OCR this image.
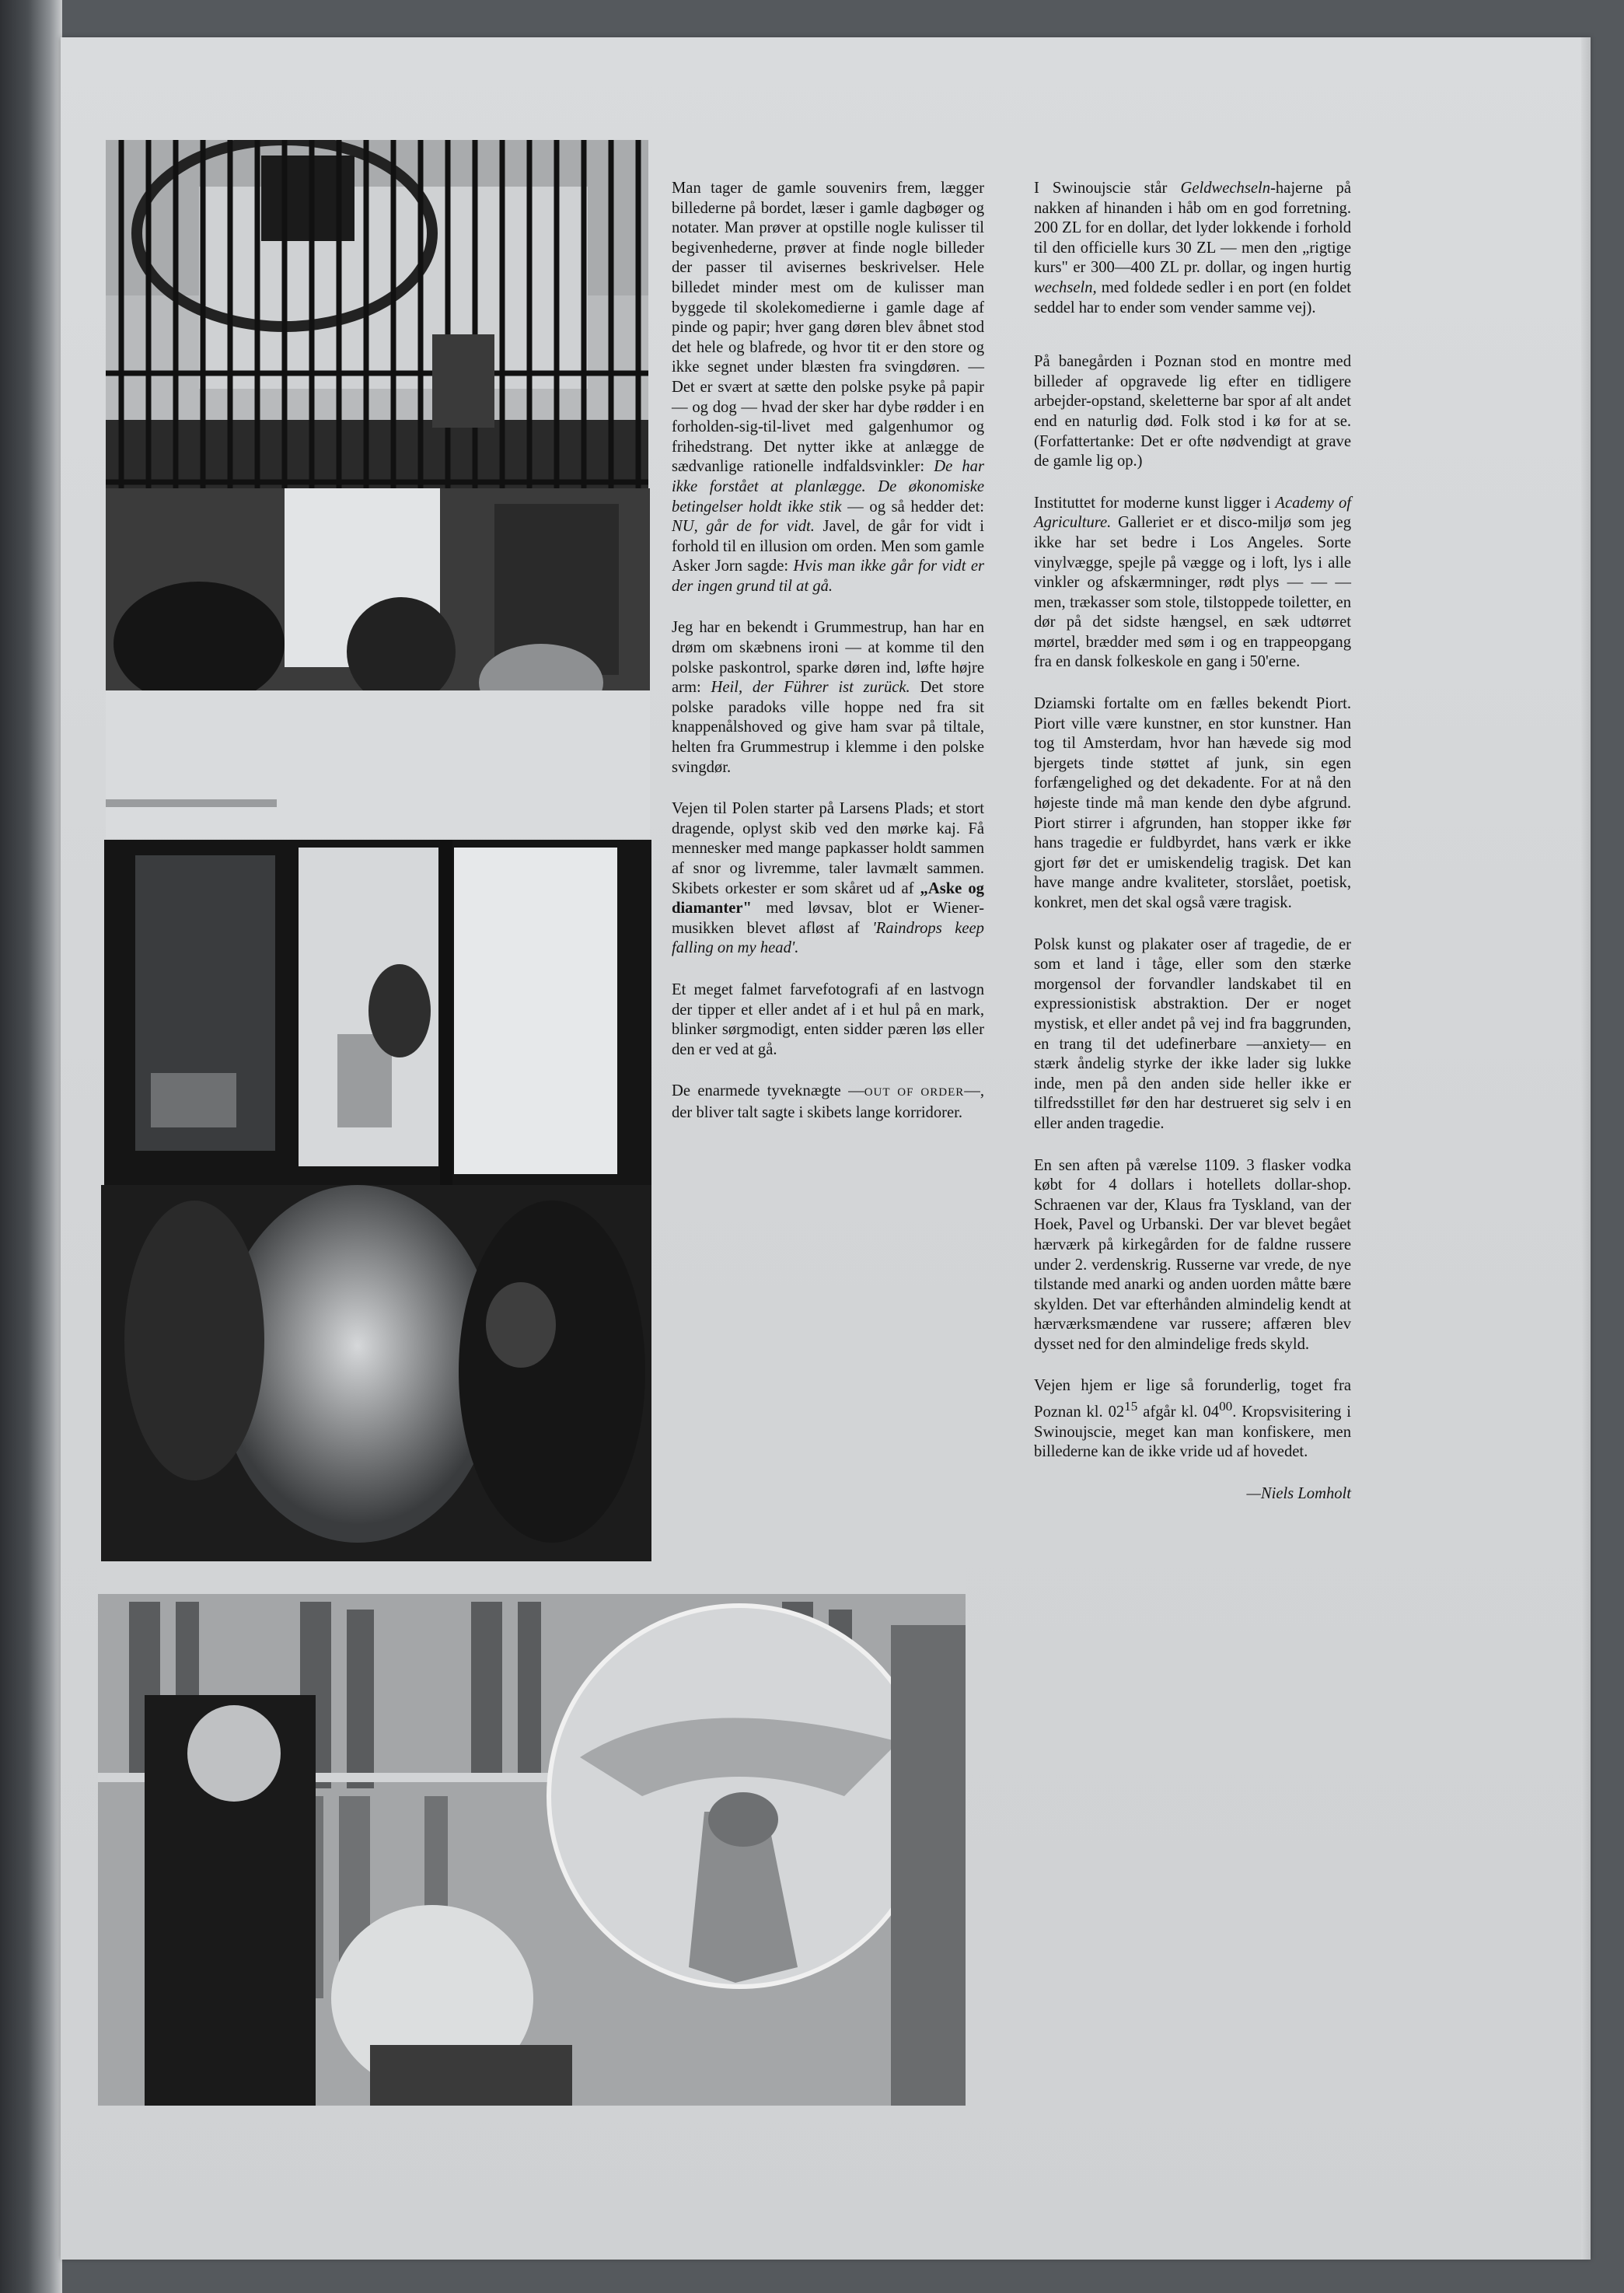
Man tager de gamle souvenirs frem, lægger billederne på bordet, læser i gamle dagbøger og notater. Man prøver at opstille nogle kulisser til begivenhederne, prøver at finde nogle billeder der passer til avisernes beskrivelser. Hele billedet minder mest om de kulisser man byggede til skolekomedierne i gamle dage af pinde og papir; hver gang døren blev åbnet stod det hele og blafrede, og hvor tit er den store og ikke segnet under blæsten fra svingdøren. — Det er svært at sætte den polske psyke på papir — og dog — hvad der sker har dybe rødder i en forholden-sig-til-livet med galgenhumor og frihedstrang. Det nytter ikke at anlægge de sædvanlige rationelle indfaldsvinkler: De har ikke forstået at planlægge. De økonomiske betingelser holdt ikke stik — og så hedder det: NU, går de for vidt. Javel, de går for vidt i forhold til en illusion om orden. Men som gamle Asker Jorn sagde: Hvis man ikke går for vidt er der ingen grund til at gå.

Jeg har en bekendt i Grummestrup, han har en drøm om skæbnens ironi — at komme til den polske paskontrol, sparke døren ind, løfte højre arm: Heil, der Führer ist zurück. Det store polske paradoks ville hoppe ned fra sit knappenålshoved og give ham svar på tiltale, helten fra Grummestrup i klemme i den polske svingdør.

Vejen til Polen starter på Larsens Plads; et stort dragende, oplyst skib ved den mørke kaj. Få mennesker med mange papkasser holdt sammen af snor og livremme, taler lavmælt sammen. Skibets orkester er som skåret ud af „Aske og diamanter" med løvsav, blot er Wiener-musikken blevet afløst af 'Raindrops keep falling on my head'.

Et meget falmet farvefotografi af en lastvogn der tipper et eller andet af i et hul på en mark, blinker sørgmodigt, enten sidder pæren løs eller den er ved at gå.

De enarmede tyveknægte —OUT OF ORDER—, der bliver talt sagte i skibets lange korridorer.

I Swinoujscie står Geldwechseln-hajerne på nakken af hinanden i håb om en god forretning. 200 ZL for en dollar, det lyder lokkende i forhold til den officielle kurs 30 ZL — men den „rigtige kurs" er 300—400 ZL pr. dollar, og ingen hurtig wechseln, med foldede sedler i en port (en foldet seddel har to ender som vender samme vej).

På banegården i Poznan stod en montre med billeder af opgravede lig efter en tidligere arbejder-opstand, skeletterne bar spor af alt andet end en naturlig død. Folk stod i kø for at se. (Forfattertanke: Det er ofte nødvendigt at grave de gamle lig op.)

Instituttet for moderne kunst ligger i Academy of Agriculture. Galleriet er et disco-miljø som jeg ikke har set bedre i Los Angeles. Sorte vinylvægge, spejle på vægge og i loft, lys i alle vinkler og afskærmninger, rødt plys — — — men, trækasser som stole, tilstoppede toiletter, en dør på det sidste hængsel, en sæk udtørret mørtel, brædder med søm i og en trappeopgang fra en dansk folkeskole en gang i 50'erne.

Dziamski fortalte om en fælles bekendt Piort. Piort ville være kunstner, en stor kunstner. Han tog til Amsterdam, hvor han hævede sig mod bjergets tinde støttet af junk, sin egen forfængelighed og det dekadente. For at nå den højeste tinde må man kende den dybe afgrund. Piort stirrer i afgrunden, han stopper ikke før hans tragedie er fuldbyrdet, hans værk er ikke gjort før det er umiskendelig tragisk. Det kan have mange andre kvaliteter, storslået, poetisk, konkret, men det skal også være tragisk.

Polsk kunst og plakater oser af tragedie, de er som et land i tåge, eller som den stærke morgensol der forvandler landskabet til en expressionistisk abstraktion. Der er noget mystisk, et eller andet på vej ind fra baggrunden, en trang til det udefinerbare —anxiety— en stærk åndelig styrke der ikke lader sig lukke inde, men på den anden side heller ikke er tilfredsstillet før den har destrueret sig selv i en eller anden tragedie.

En sen aften på værelse 1109. 3 flasker vodka købt for 4 dollars i hotellets dollar-shop. Schraenen var der, Klaus fra Tyskland, van der Hoek, Pavel og Urbanski. Der var blevet begået hærværk på kirkegården for de faldne russere under 2. verdenskrig. Russerne var vrede, de nye tilstande med anarki og anden uorden måtte bære skylden. Det var efterhånden almindelig kendt at hærværksmændene var russere; affæren blev dysset ned for den almindelige freds skyld.

Vejen hjem er lige så forunderlig, toget fra Poznan kl. $02^{15}$ afgår kl. $04^{00}$. Kropsvisitering i Swinoujscie, meget kan man konfiskere, men billederne kan de ikke vride ud af hovedet.

—Niels Lomholt
